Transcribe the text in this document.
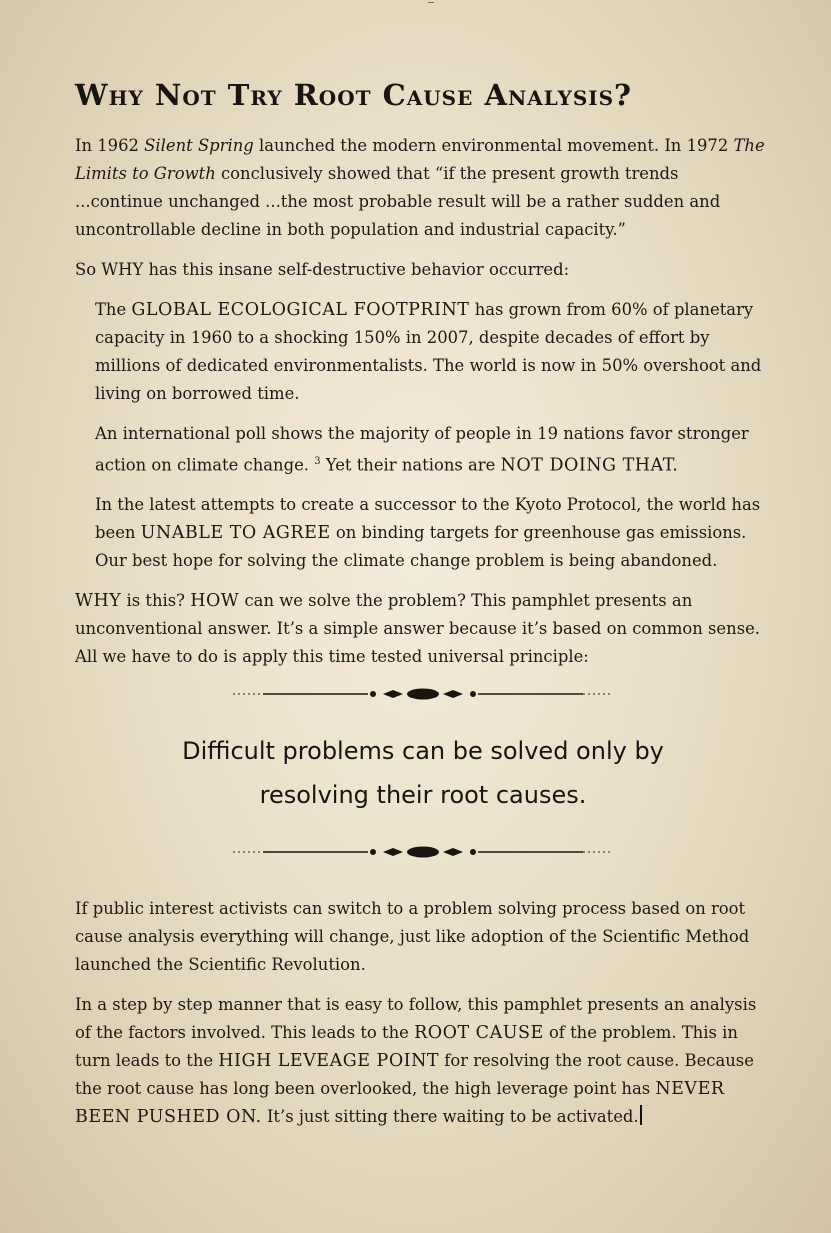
Why Not Try Root Cause Analysis?

In 1962 Silent Spring launched the modern environmental movement. In 1972 The Limits to Growth conclusively showed that “if the present growth trends ...continue unchanged ...the most probable result will be a rather sudden and uncontrollable decline in both population and industrial capacity.”

So WHY has this insane self-destructive behavior occurred:

The GLOBAL ECOLOGICAL FOOTPRINT has grown from 60% of planetary capacity in 1960 to a shocking 150% in 2007, despite decades of effort by millions of dedicated environmentalists. The world is now in 50% overshoot and living on borrowed time.

An international poll shows the majority of people in 19 nations favor stronger action on climate change. $^3$ Yet their nations are NOT DOING THAT.

In the latest attempts to create a successor to the Kyoto Protocol, the world has been UNABLE TO AGREE on binding targets for greenhouse gas emissions. Our best hope for solving the climate change problem is being abandoned.

WHY is this? HOW can we solve the problem? This pamphlet presents an unconventional answer. It’s a simple answer because it’s based on common sense. All we have to do is apply this time tested universal principle:

Difficult problems can be solved only by
resolving their root causes.

If public interest activists can switch to a problem solving process based on root cause analysis everything will change, just like adoption of the Scientific Method launched the Scientific Revolution.

In a step by step manner that is easy to follow, this pamphlet presents an analysis of the factors involved. This leads to the ROOT CAUSE of the problem. This in turn leads to the HIGH LEVEAGE POINT for resolving the root cause. Because the root cause has long been overlooked, the high leverage point has NEVER BEEN PUSHED ON. It’s just sitting there waiting to be activated.
